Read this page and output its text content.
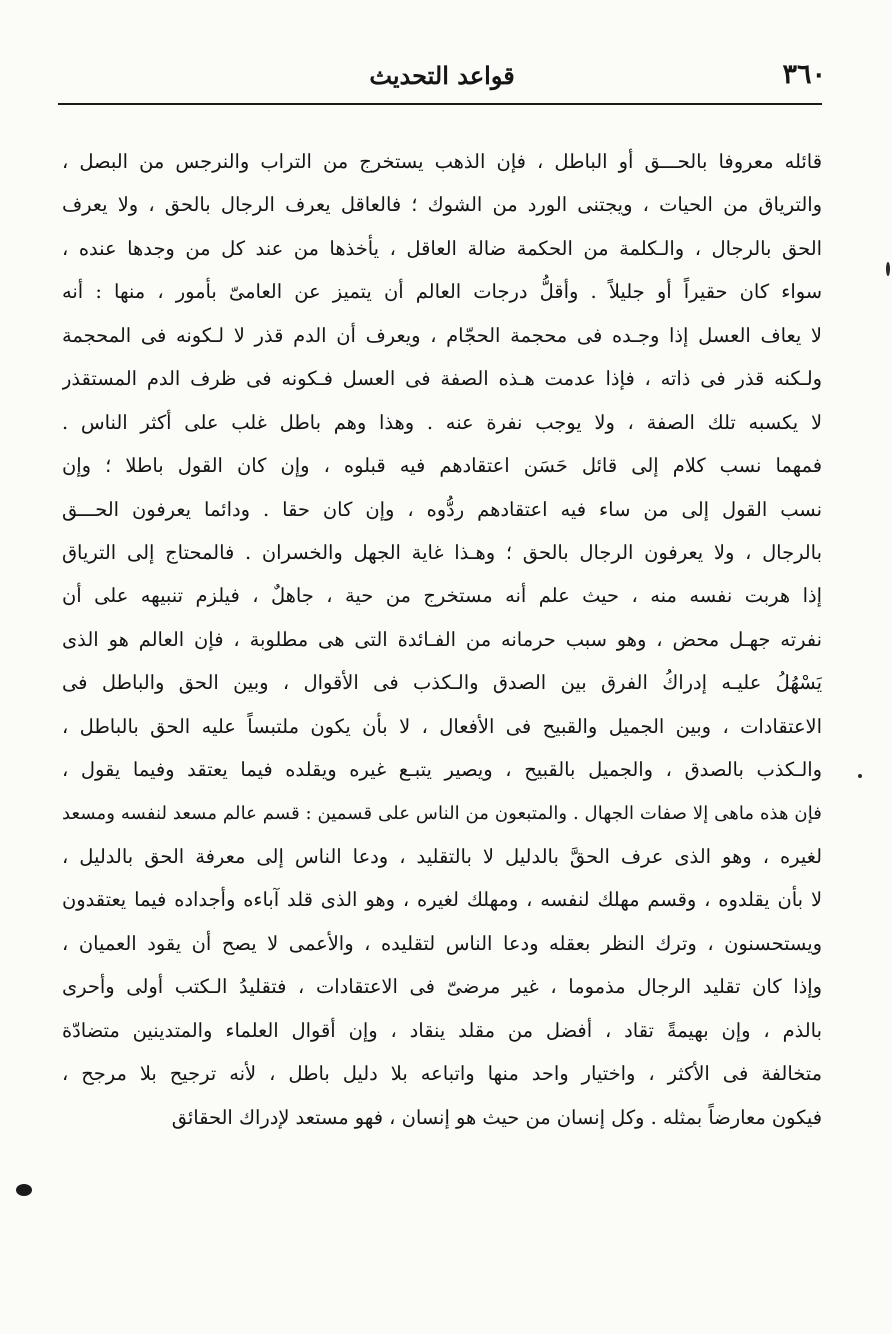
٣٦٠
قواعد التحديث
قائله معروفا بالحـــق أو الباطل ، فإن الذهب يستخرج من التراب والنرجس من البصل ،
والترياق من الحيات ، ويجتنى الورد من الشوك ؛ فالعاقل يعرف الرجال بالحق ، ولا يعرف
الحق بالرجال ، والـكلمة من الحكمة ضالة العاقل ، يأخذها من عند كل من وجدها عنده ،
سواء كان حقيراً أو جليلاً . وأقلُّ درجات العالم أن يتميز عن العامىّ بأمور ، منها : أنه
لا يعاف العسل إذا وجـده فى محجمة الحجّام ، ويعرف أن الدم قذر لا لـكونه فى المحجمة
ولـكنه قذر فى ذاته ، فإذا عدمت هـذه الصفة فى العسل فـكونه فى ظرف الدم المستقذر
لا يكسبه تلك الصفة ، ولا يوجب نفرة عنه . وهذا وهم باطل غلب على أكثر الناس .
فمهما نسب كلام إلى قائل حَسَن اعتقادهم فيه قبلوه ، وإن كان القول باطلا ؛ وإن
نسب القول إلى من ساء فيه اعتقادهم ردُّوه ، وإن كان حقا . ودائما يعرفون الحـــق
بالرجال ، ولا يعرفون الرجال بالحق ؛ وهـذا غاية الجهل والخسران . فالمحتاج إلى الترياق
إذا هربت نفسه منه ، حيث علم أنه مستخرج من حية ، جاهلٌ ، فيلزم تنبيهه على أن
نفرته جهـل محض ، وهو سبب حرمانه من الفـائدة التى هى مطلوبة ، فإن العالم هو الذى
يَسْهُلُ عليـه إدراكُ الفرق بين الصدق والـكذب فى الأقوال ، وبين الحق والباطل فى
الاعتقادات ، وبين الجميل والقبيح فى الأفعال ، لا بأن يكون ملتبساً عليه الحق بالباطل ،
والـكذب بالصدق ، والجميل بالقبيح ، ويصير يتبـع غيره ويقلده فيما يعتقد وفيما يقول ،
فإن هذه ماهى إلا صفات الجهال . والمتبعون من الناس على قسمين : قسم عالم مسعد لنفسه ومسعد
لغيره ، وهو الذى عرف الحقَّ بالدليل لا بالتقليد ، ودعا الناس إلى معرفة الحق بالدليل ،
لا بأن يقلدوه ، وقسم مهلك لنفسه ، ومهلك لغيره ، وهو الذى قلد آباءه وأجداده فيما يعتقدون
ويستحسنون ، وترك النظر بعقله ودعا الناس لتقليده ، والأعمى لا يصح أن يقود العميان ،
وإذا كان تقليد الرجال مذموما ، غير مرضىّ فى الاعتقادات ، فتقليدُ الـكتب أولى وأحرى
بالذم ، وإن بهيمةً تقاد ، أفضل من مقلد ينقاد ، وإن أقوال العلماء والمتدينين متضادّة
متخالفة فى الأكثر ، واختيار واحد منها واتباعه بلا دليل باطل ، لأنه ترجيح بلا مرجح ،
فيكون معارضاً بمثله . وكل إنسان من حيث هو إنسان ، فهو مستعد لإدراك الحقائق
